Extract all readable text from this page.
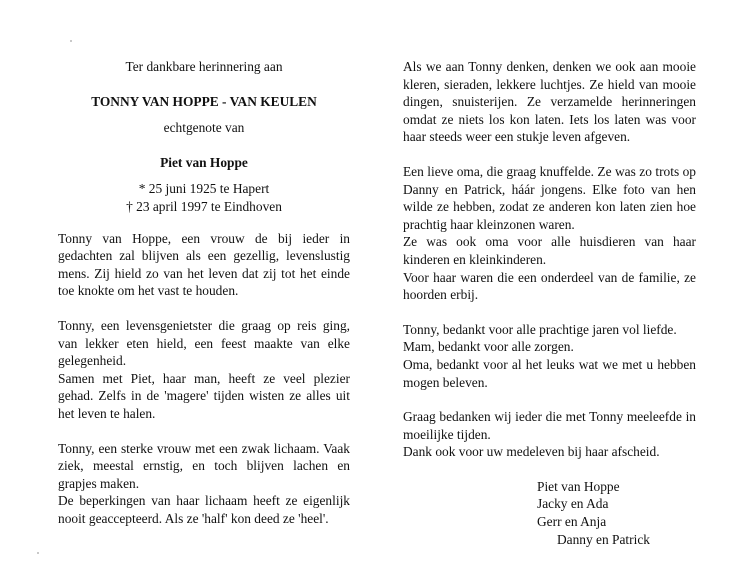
Ter dankbare herinnering aan

TONNY VAN HOPPE - VAN KEULEN

echtgenote van

Piet van Hoppe

* 25 juni 1925 te Hapert

† 23 april 1997 te Eindhoven

Tonny van Hoppe, een vrouw de bij ieder in gedachten zal blijven als een gezellig, levenslustig mens. Zij hield zo van het leven dat zij tot het einde toe knokte om het vast te houden.

Tonny, een levensgenietster die graag op reis ging, van lekker eten hield, een feest maakte van elke gelegenheid.

Samen met Piet, haar man, heeft ze veel plezier gehad. Zelfs in de 'magere' tijden wisten ze alles uit het leven te halen.

Tonny, een sterke vrouw met een zwak lichaam. Vaak ziek, meestal ernstig, en toch blijven lachen en grapjes maken.

De beperkingen van haar lichaam heeft ze eigenlijk nooit geaccepteerd. Als ze 'half' kon deed ze 'heel'.

Als we aan Tonny denken, denken we ook aan mooie kleren, sieraden, lekkere luchtjes. Ze hield van mooie dingen, snuisterijen. Ze verzamelde herinneringen omdat ze niets los kon laten. Iets los laten was voor haar steeds weer een stukje leven afgeven.

Een lieve oma, die graag knuffelde. Ze was zo trots op Danny en Patrick, háár jongens. Elke foto van hen wilde ze hebben, zodat ze anderen kon laten zien hoe prachtig haar kleinzonen waren.

Ze was ook oma voor alle huisdieren van haar kinderen en kleinkinderen.

Voor haar waren die een onderdeel van de familie, ze hoorden erbij.

Tonny, bedankt voor alle prachtige jaren vol liefde.

Mam, bedankt voor alle zorgen.

Oma, bedankt voor al het leuks wat we met u hebben mogen beleven.

Graag bedanken wij ieder die met Tonny meeleefde in moeilijke tijden.

Dank ook voor uw medeleven bij haar afscheid.

Piet van Hoppe

Jacky en Ada

Gerr en Anja

Danny en Patrick
